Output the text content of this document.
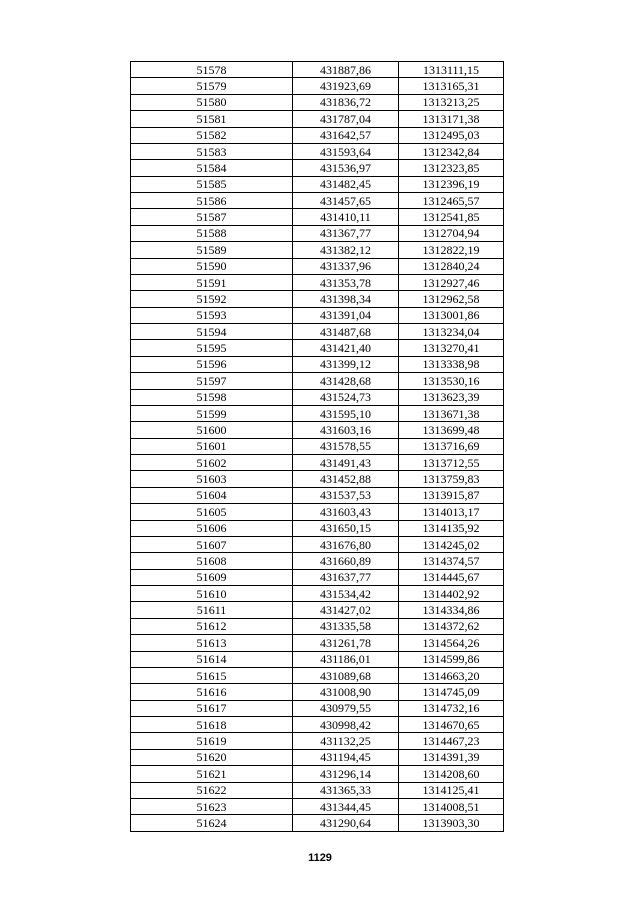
51578	431887,86	1313111,15
51579	431923,69	1313165,31
51580	431836,72	1313213,25
51581	431787,04	1313171,38
51582	431642,57	1312495,03
51583	431593,64	1312342,84
51584	431536,97	1312323,85
51585	431482,45	1312396,19
51586	431457,65	1312465,57
51587	431410,11	1312541,85
51588	431367,77	1312704,94
51589	431382,12	1312822,19
51590	431337,96	1312840,24
51591	431353,78	1312927,46
51592	431398,34	1312962,58
51593	431391,04	1313001,86
51594	431487,68	1313234,04
51595	431421,40	1313270,41
51596	431399,12	1313338,98
51597	431428,68	1313530,16
51598	431524,73	1313623,39
51599	431595,10	1313671,38
51600	431603,16	1313699,48
51601	431578,55	1313716,69
51602	431491,43	1313712,55
51603	431452,88	1313759,83
51604	431537,53	1313915,87
51605	431603,43	1314013,17
51606	431650,15	1314135,92
51607	431676,80	1314245,02
51608	431660,89	1314374,57
51609	431637,77	1314445,67
51610	431534,42	1314402,92
51611	431427,02	1314334,86
51612	431335,58	1314372,62
51613	431261,78	1314564,26
51614	431186,01	1314599,86
51615	431089,68	1314663,20
51616	431008,90	1314745,09
51617	430979,55	1314732,16
51618	430998,42	1314670,65
51619	431132,25	1314467,23
51620	431194,45	1314391,39
51621	431296,14	1314208,60
51622	431365,33	1314125,41
51623	431344,45	1314008,51
51624	431290,64	1313903,30
1129
